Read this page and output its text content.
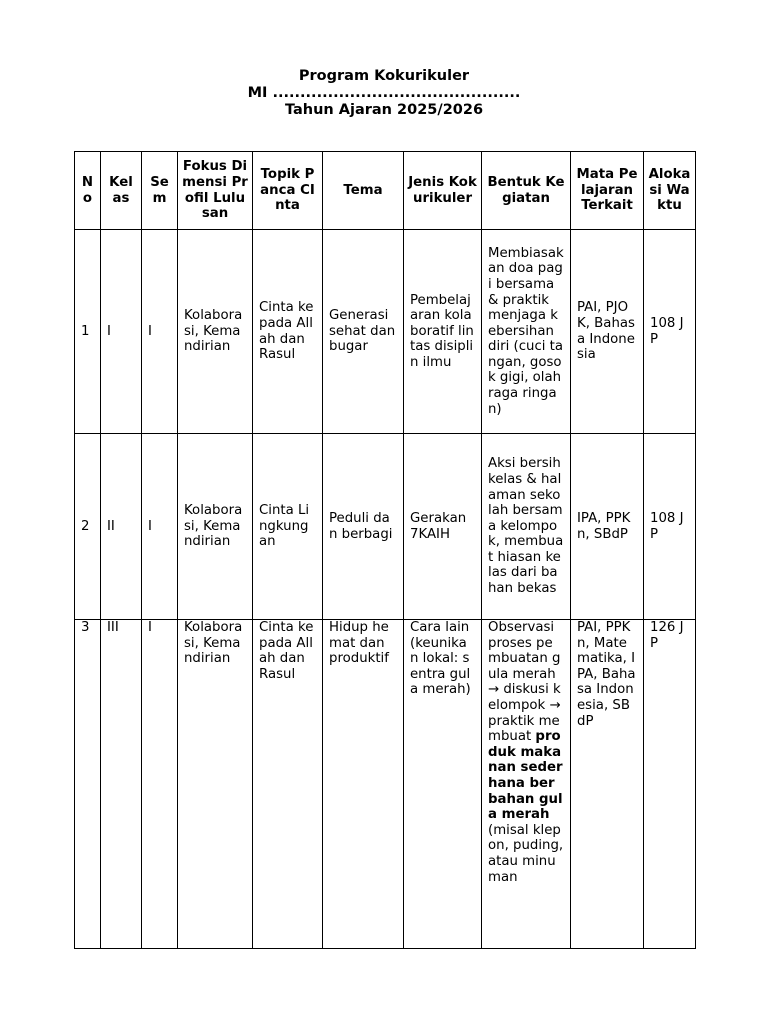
Program Kokurikuler
MI .............................................
Tahun Ajaran 2025/2026
No	Kelas	Sem	Fokus Dimensi Profil Lulusan	Topik Panca CInta	Tema	Jenis Kokurikuler	Bentuk Kegiatan	Mata Pelajaran Terkait	Alokasi Waktu
1	I	I	Kolaborasi, Kemandirian	Cinta kepada Allah dan Rasul	Generasi sehat dan bugar	Pembelajaran kolaboratif lintas disiplin ilmu	Membiasakan doa pagi bersama & praktik menjaga kebersihan diri (cuci tangan, gosok gigi, olahraga ringan)	PAI, PJOK, Bahasa Indonesia	108 JP
2	II	I	Kolaborasi, Kemandirian	Cinta Lingkungan	Peduli dan berbagi	Gerakan 7KAIH	Aksi bersih kelas & halaman sekolah bersama kelompok, membuat hiasan kelas dari bahan bekas	IPA, PPKn, SBdP	108 JP
3	III	I	Kolaborasi, Kemandirian	Cinta kepada Allah dan Rasul	Hidup hemat dan produktif	Cara lain (keunikan lokal: sentra gula merah)	Observasi proses pembuatan gula merah → diskusi kelompok → praktik membuat produk makanan sederhana berbahan gula merah (misal klepon, puding, atau minuman	PAI, PPKn, Matematika, IPA, Bahasa Indonesia, SBdP	126 JP
